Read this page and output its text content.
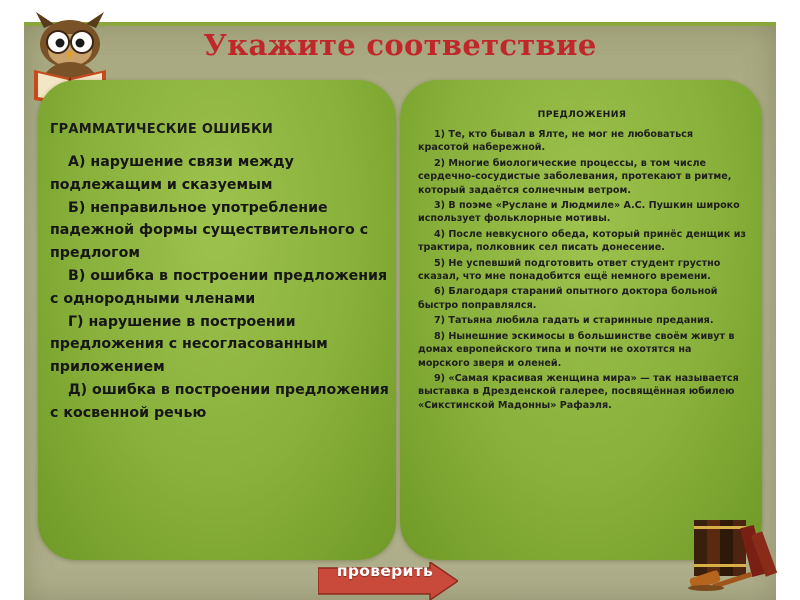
Укажите соответствие
ГРАММАТИЧЕСКИЕ ОШИБКИ
А) нарушение связи между подлежащим и сказуемым
Б) неправильное употребление падежной формы существительного с предлогом
В) ошибка в построении предложения с однородными членами
Г) нарушение в построении предложения с несогласованным приложением
Д) ошибка в построении предложения с косвенной речью
ПРЕДЛОЖЕНИЯ
1) Те, кто бывал в Ялте, не мог не любоваться красотой набережной.
2) Многие биологические процессы, в том числе сердечно-сосудистые заболевания, протекают в ритме, который задаётся солнечным ветром.
3) В поэме «Руслане и Людмиле» А.С. Пушкин широко использует фольклорные мотивы.
4) После невкусного обеда, который принёс денщик из трактира, полковник сел писать донесение.
5) Не успевший подготовить ответ студент грустно сказал, что мне понадобится ещё немного времени.
6) Благодаря стараний опытного доктора больной быстро поправлялся.
7) Татьяна любила гадать и старинные предания.
8) Нынешние эскимосы в большинстве своём живут в домах европейского типа и почти не охотятся на морского зверя и оленей.
9) «Самая красивая женщина мира» — так называется выставка в Дрезденской галерее, посвящённая юбилею «Сикстинской Мадонны» Рафаэля.
проверить
